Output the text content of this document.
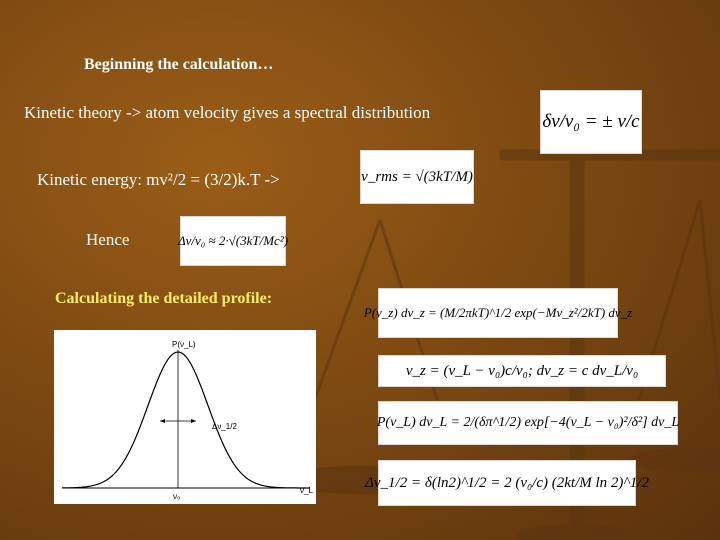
Beginning the calculation…
Kinetic theory -> atom velocity gives a spectral distribution
Kinetic energy: mv²/2 = (3/2)k.T ->
Hence
Calculating the detailed profile:
δν/ν₀ = ± v/c
v_rms = √(3kT/M)
Δν/ν₀ ≈ 2·√(3kT/Mc²)
P(v_z) dv_z = (M/2πkT)^1/2 exp(−Mv_z²/2kT) dv_z
v_z = (ν_L − ν₀)c/ν₀; dv_z = c dν_L/ν₀
P(ν_L) dν_L = 2/(δπ^1/2) exp[−4(ν_L − ν₀)²/δ²] dν_L
Δν_1/2 = δ(ln2)^1/2 = 2 (ν₀/c) (2kt/M ln 2)^1/2
P(ν_L)
Δν_1/2
ν₀
ν_L
